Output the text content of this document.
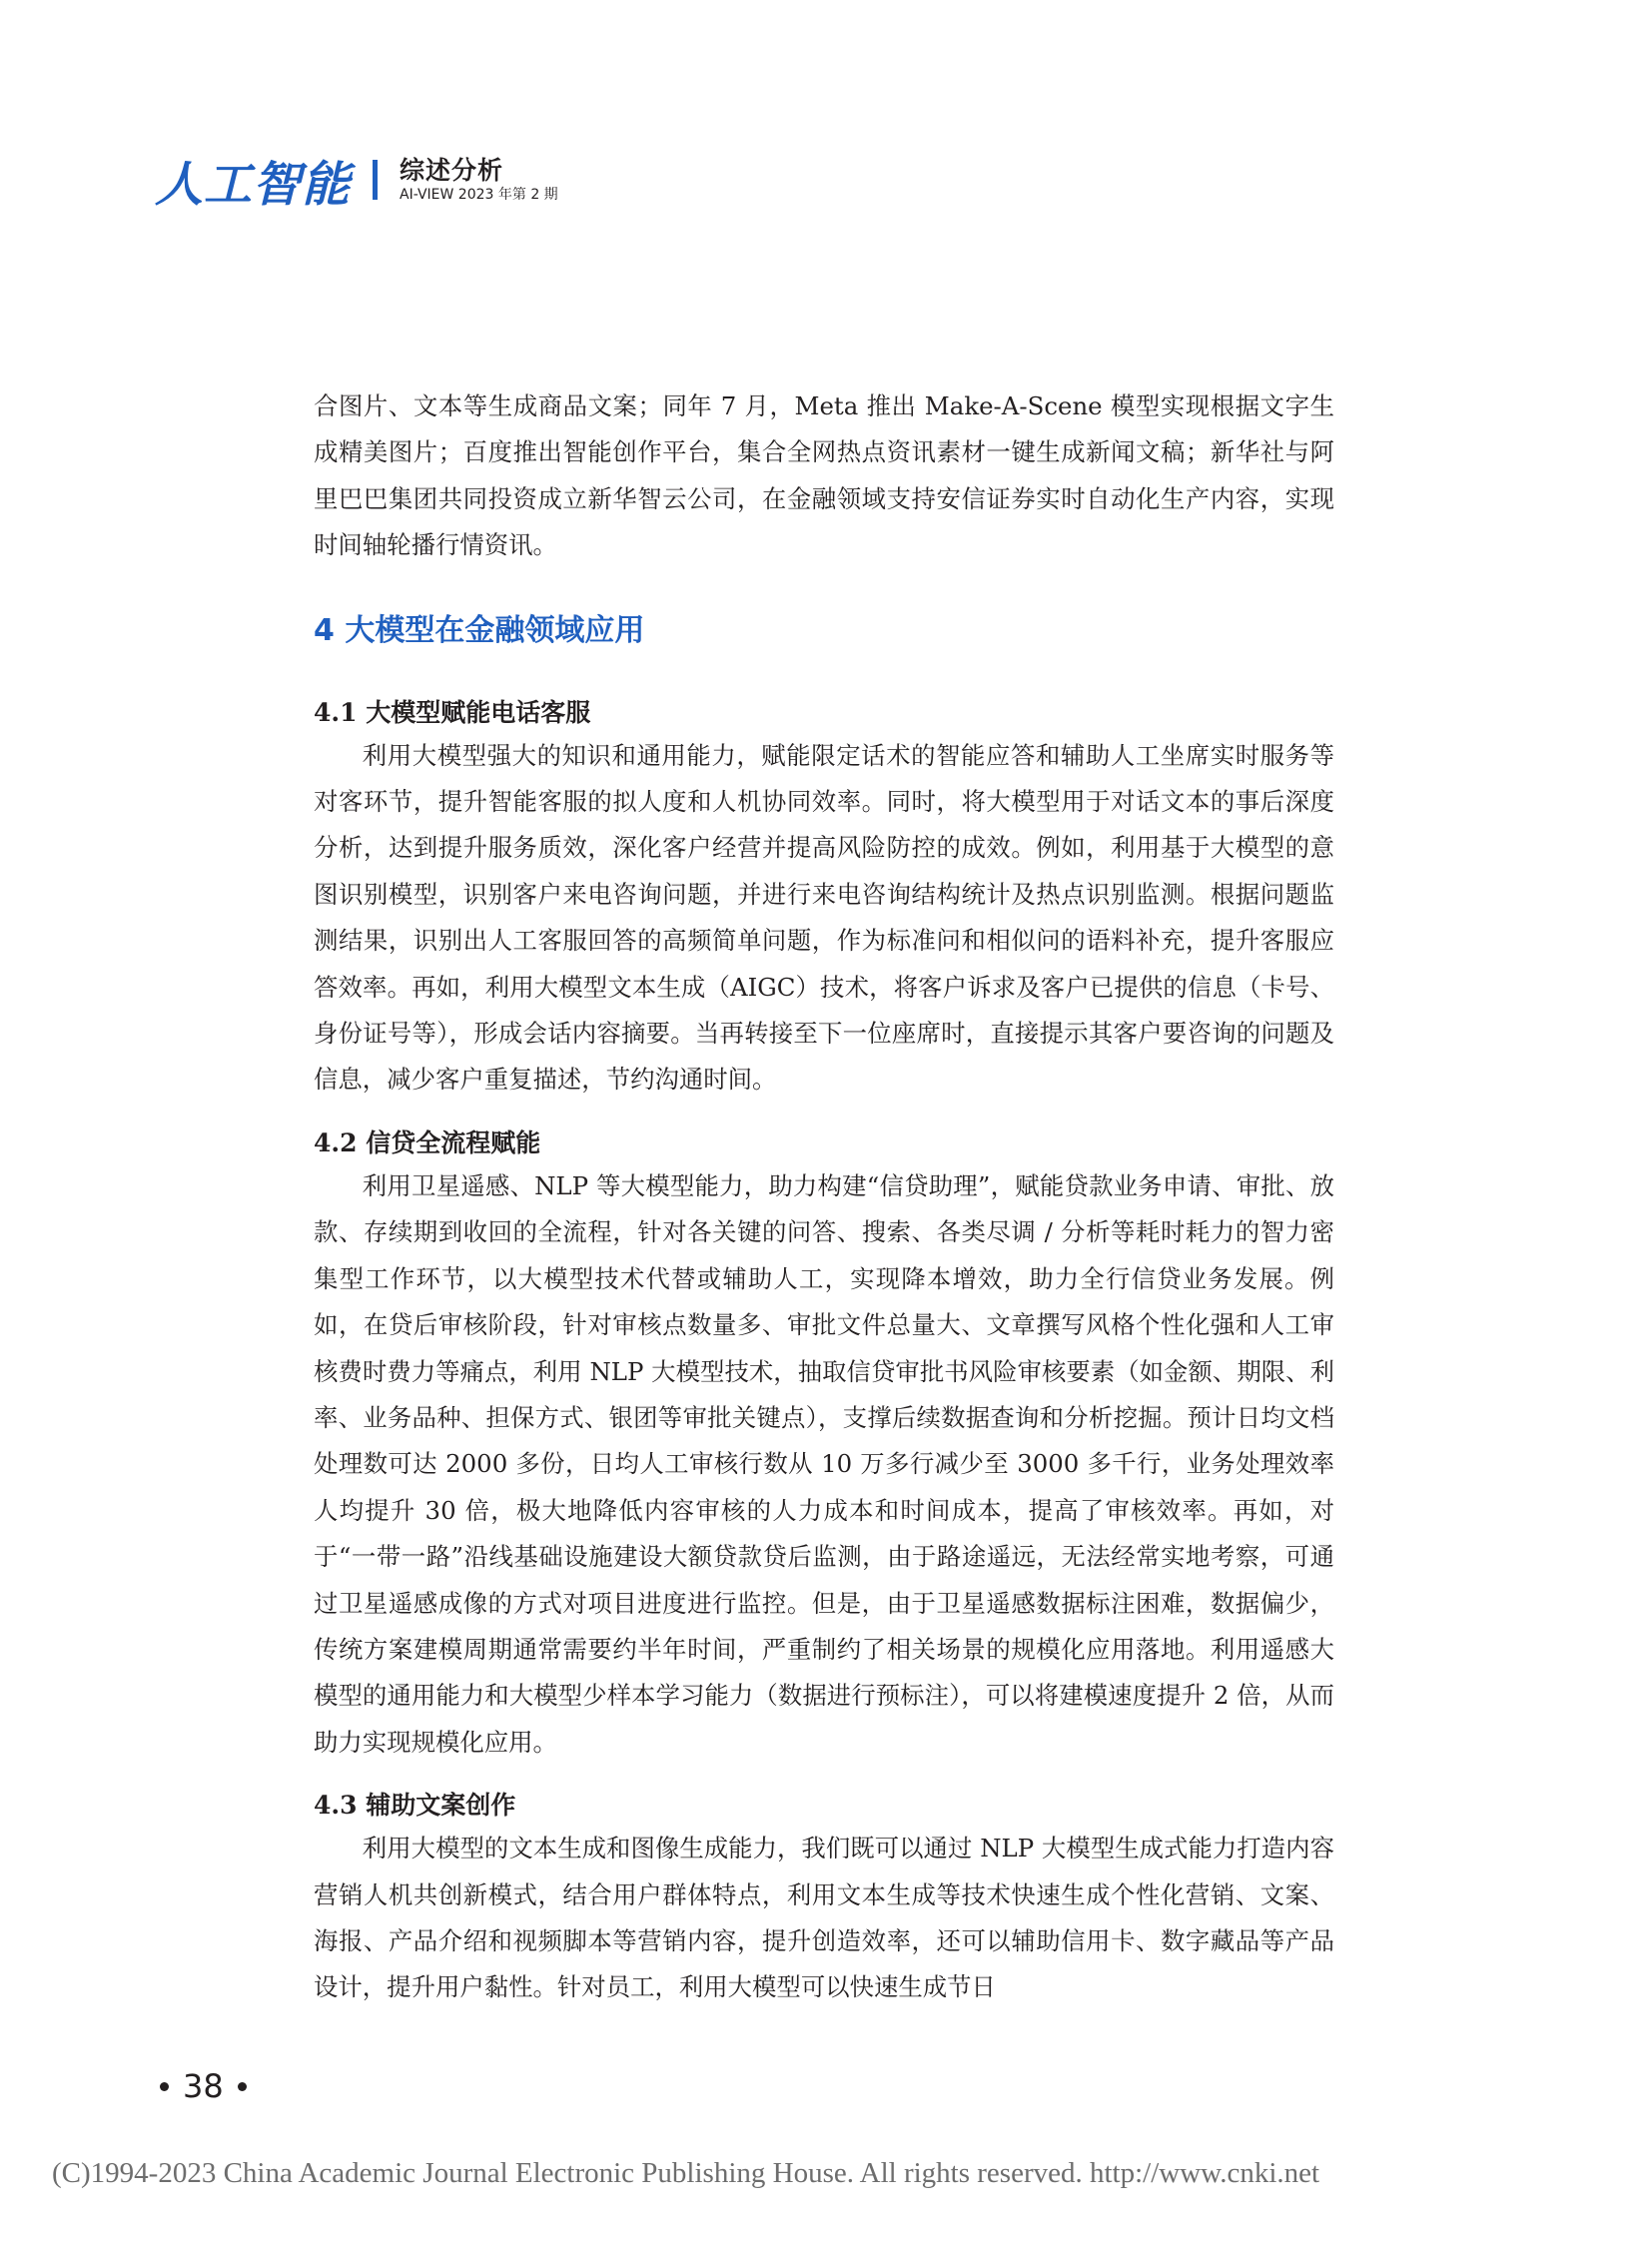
人工智能 综述分析
AI-VIEW 2023 年第 2 期

合图片、文本等生成商品文案；同年 7 月，Meta 推出 Make-A-Scene 模型实现根据文字生成精美图片；百度推出智能创作平台，集合全网热点资讯素材一键生成新闻文稿；新华社与阿里巴巴集团共同投资成立新华智云公司，在金融领域支持安信证券实时自动化生产内容，实现时间轴轮播行情资讯。

4 大模型在金融领域应用
4.1 大模型赋能电话客服

利用大模型强大的知识和通用能力，赋能限定话术的智能应答和辅助人工坐席实时服务等对客环节，提升智能客服的拟人度和人机协同效率。同时，将大模型用于对话文本的事后深度分析，达到提升服务质效，深化客户经营并提高风险防控的成效。例如，利用基于大模型的意图识别模型，识别客户来电咨询问题，并进行来电咨询结构统计及热点识别监测。根据问题监测结果，识别出人工客服回答的高频简单问题，作为标准问和相似问的语料补充，提升客服应答效率。再如，利用大模型文本生成（AIGC）技术，将客户诉求及客户已提供的信息（卡号、身份证号等），形成会话内容摘要。当再转接至下一位座席时，直接提示其客户要咨询的问题及信息，减少客户重复描述，节约沟通时间。

4.2 信贷全流程赋能

利用卫星遥感、NLP 等大模型能力，助力构建“信贷助理”，赋能贷款业务申请、审批、放款、存续期到收回的全流程，针对各关键的问答、搜索、各类尽调 / 分析等耗时耗力的智力密集型工作环节，以大模型技术代替或辅助人工，实现降本增效，助力全行信贷业务发展。例如，在贷后审核阶段，针对审核点数量多、审批文件总量大、文章撰写风格个性化强和人工审核费时费力等痛点，利用 NLP 大模型技术，抽取信贷审批书风险审核要素（如金额、期限、利率、业务品种、担保方式、银团等审批关键点），支撑后续数据查询和分析挖掘。预计日均文档处理数可达 2000 多份，日均人工审核行数从 10 万多行减少至 3000 多千行，业务处理效率人均提升 30 倍，极大地降低内容审核的人力成本和时间成本，提高了审核效率。再如，对于“一带一路”沿线基础设施建设大额贷款贷后监测，由于路途遥远，无法经常实地考察，可通过卫星遥感成像的方式对项目进度进行监控。但是，由于卫星遥感数据标注困难，数据偏少，传统方案建模周期通常需要约半年时间，严重制约了相关场景的规模化应用落地。利用遥感大模型的通用能力和大模型少样本学习能力（数据进行预标注），可以将建模速度提升 2 倍，从而助力实现规模化应用。

4.3 辅助文案创作

利用大模型的文本生成和图像生成能力，我们既可以通过 NLP 大模型生成式能力打造内容营销人机共创新模式，结合用户群体特点，利用文本生成等技术快速生成个性化营销、文案、海报、产品介绍和视频脚本等营销内容，提升创造效率，还可以辅助信用卡、数字藏品等产品设计，提升用户黏性。针对员工，利用大模型可以快速生成节日

38
(C)1994-2023 China Academic Journal Electronic Publishing House. All rights reserved. http://www.cnki.net
